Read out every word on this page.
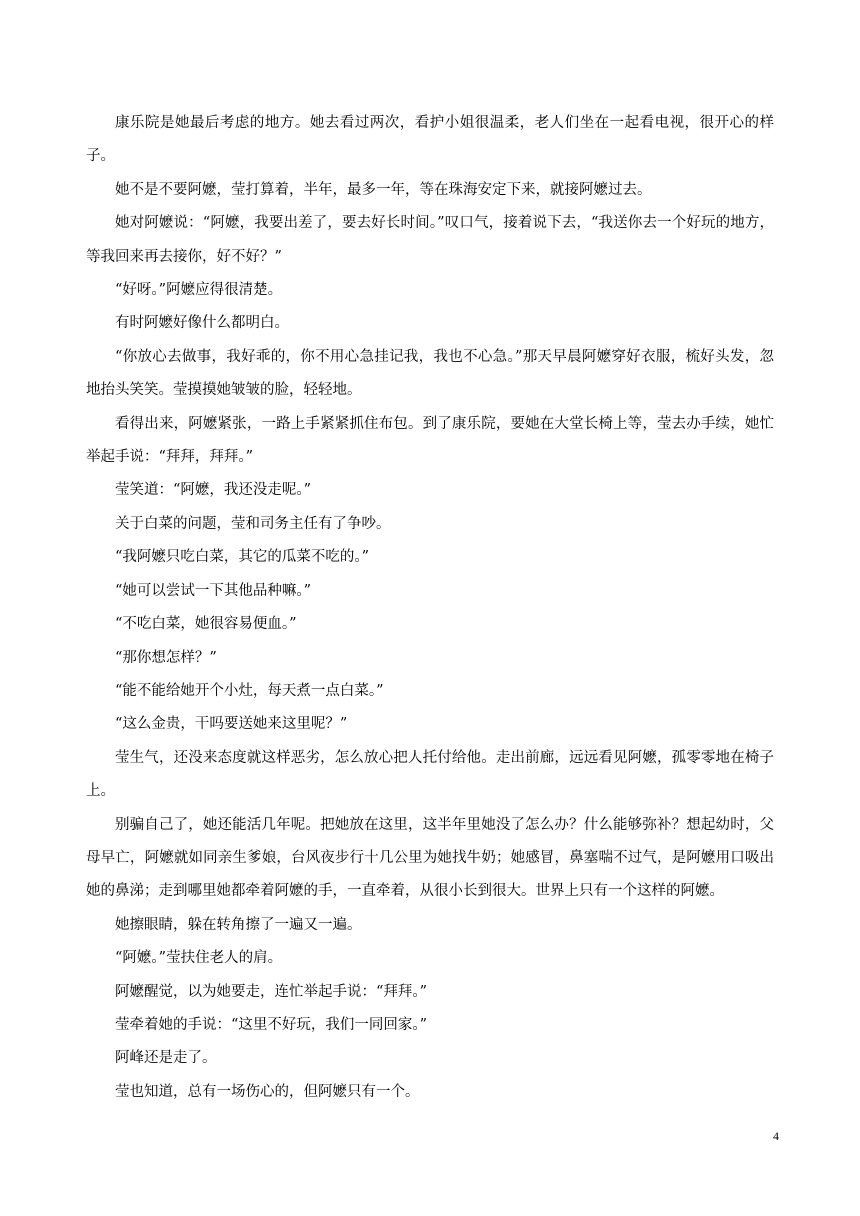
康乐院是她最后考虑的地方。她去看过两次，看护小姐很温柔，老人们坐在一起看电视，很开心的样子。

她不是不要阿嬷，莹打算着，半年，最多一年，等在珠海安定下来，就接阿嬷过去。

她对阿嬷说：“阿嬷，我要出差了，要去好长时间。”叹口气，接着说下去，“我送你去一个好玩的地方，等我回来再去接你，好不好？”

“好呀。”阿嬷应得很清楚。

有时阿嬷好像什么都明白。

“你放心去做事，我好乖的，你不用心急挂记我，我也不心急。”那天早晨阿嬷穿好衣服，梳好头发，忽地抬头笑笑。莹摸摸她皱皱的脸，轻轻地。

看得出来，阿嬷紧张，一路上手紧紧抓住布包。到了康乐院，要她在大堂长椅上等，莹去办手续，她忙举起手说：“拜拜，拜拜。”

莹笑道：“阿嬷，我还没走呢。”

关于白菜的问题，莹和司务主任有了争吵。

“我阿嬷只吃白菜，其它的瓜菜不吃的。”

“她可以尝试一下其他品种嘛。”

“不吃白菜，她很容易便血。”

“那你想怎样？”

“能不能给她开个小灶，每天煮一点白菜。”

“这么金贵，干吗要送她来这里呢？”

莹生气，还没来态度就这样恶劣，怎么放心把人托付给他。走出前廊，远远看见阿嬷，孤零零地在椅子上。

别骗自己了，她还能活几年呢。把她放在这里，这半年里她没了怎么办？什么能够弥补？想起幼时，父母早亡，阿嬷就如同亲生爹娘，台风夜步行十几公里为她找牛奶；她感冒，鼻塞喘不过气，是阿嬷用口吸出她的鼻涕；走到哪里她都牵着阿嬷的手，一直牵着，从很小长到很大。世界上只有一个这样的阿嬷。

她擦眼睛，躲在转角擦了一遍又一遍。

“阿嬷。”莹扶住老人的肩。

阿嬷醒觉，以为她要走，连忙举起手说：“拜拜。”

莹牵着她的手说：“这里不好玩，我们一同回家。”

阿峰还是走了。

莹也知道，总有一场伤心的，但阿嬷只有一个。

4
